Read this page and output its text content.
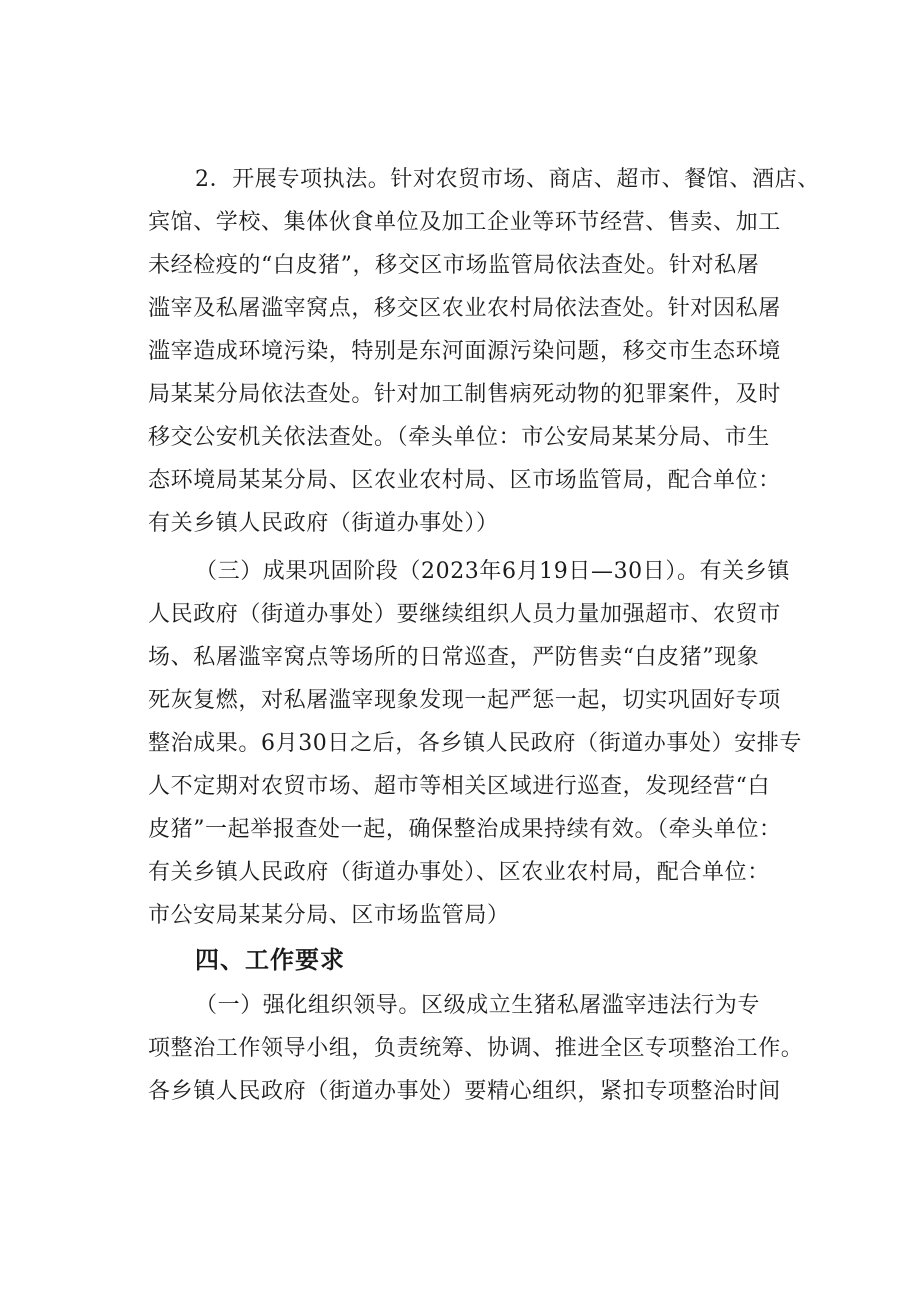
2．开展专项执法。针对农贸市场、商店、超市、餐馆、酒店、
宾馆、学校、集体伙食单位及加工企业等环节经营、售卖、加工
未经检疫的“白皮猪”，移交区市场监管局依法查处。针对私屠
滥宰及私屠滥宰窝点，移交区农业农村局依法查处。针对因私屠
滥宰造成环境污染，特别是东河面源污染问题，移交市生态环境
局某某分局依法查处。针对加工制售病死动物的犯罪案件，及时
移交公安机关依法查处。（牵头单位：市公安局某某分局、市生
态环境局某某分局、区农业农村局、区市场监管局，配合单位：
有关乡镇人民政府（街道办事处））
（三）成果巩固阶段（2023年6月19日—30日）。有关乡镇
人民政府（街道办事处）要继续组织人员力量加强超市、农贸市
场、私屠滥宰窝点等场所的日常巡查，严防售卖“白皮猪”现象
死灰复燃，对私屠滥宰现象发现一起严惩一起，切实巩固好专项
整治成果。6月30日之后，各乡镇人民政府（街道办事处）安排专
人不定期对农贸市场、超市等相关区域进行巡查，发现经营“白
皮猪”一起举报查处一起，确保整治成果持续有效。（牵头单位：
有关乡镇人民政府（街道办事处）、区农业农村局，配合单位：
市公安局某某分局、区市场监管局）
四、工作要求
（一）强化组织领导。区级成立生猪私屠滥宰违法行为专
项整治工作领导小组，负责统筹、协调、推进全区专项整治工作。
各乡镇人民政府（街道办事处）要精心组织，紧扣专项整治时间
